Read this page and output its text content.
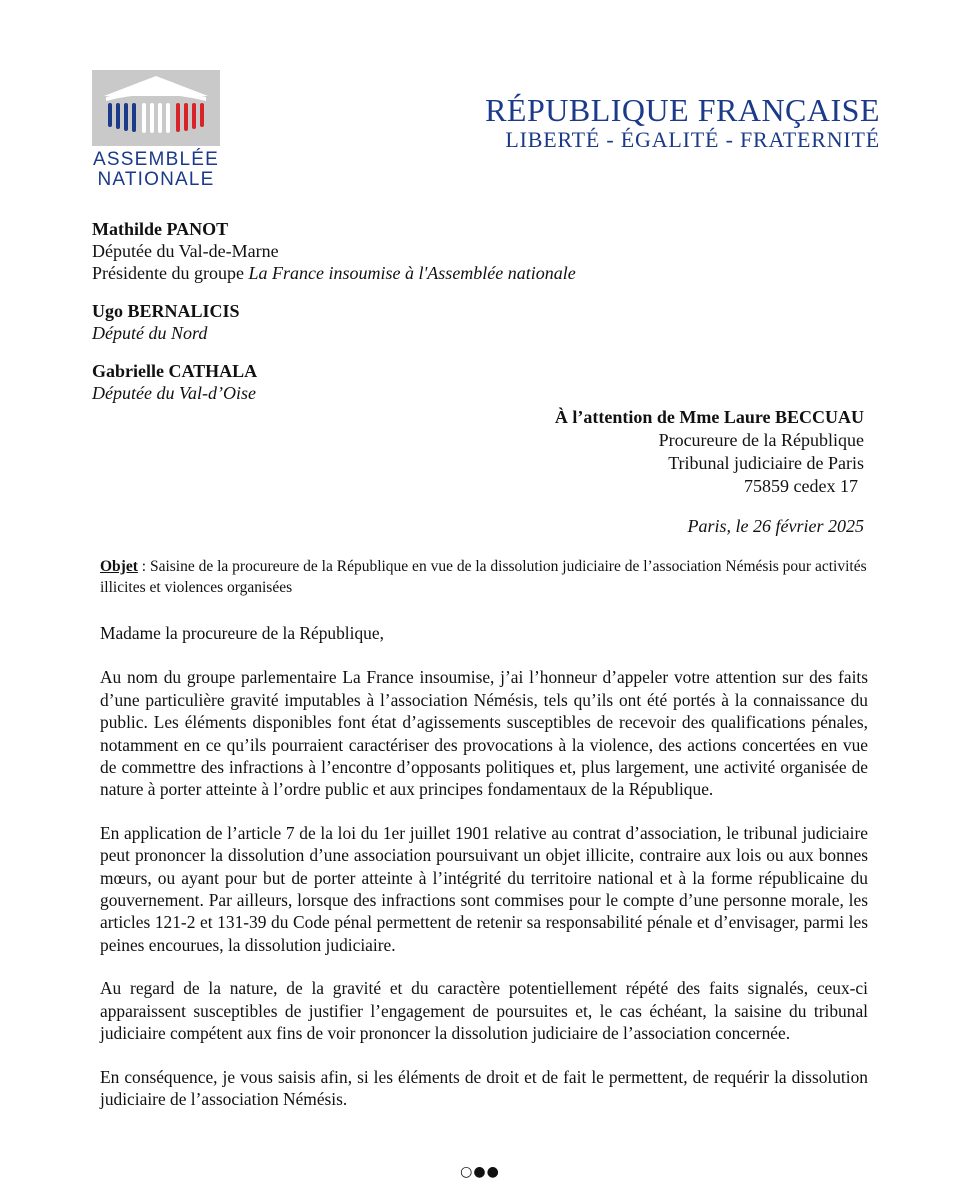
ASSEMBLÉE
NATIONALE
RÉPUBLIQUE FRANÇAISE
LIBERTÉ - ÉGALITÉ - FRATERNITÉ
Mathilde PANOT
Députée du Val-de-Marne
Présidente du groupe La France insoumise à l'Assemblée nationale
Ugo BERNALICIS
Député du Nord
Gabrielle CATHALA
Députée du Val-d’Oise
À l’attention de Mme Laure BECCUAU
Procureure de la République
Tribunal judiciaire de Paris
75859 cedex 17
Paris, le 26 février 2025
Objet : Saisine de la procureure de la République en vue de la dissolution judiciaire de l’association Némésis pour activités illicites et violences organisées

Madame la procureure de la République,

Au nom du groupe parlementaire La France insoumise, j’ai l’honneur d’appeler votre attention sur des faits d’une particulière gravité imputables à l’association Némésis, tels qu’ils ont été portés à la connaissance du public. Les éléments disponibles font état d’agissements susceptibles de recevoir des qualifications pénales, notamment en ce qu’ils pourraient caractériser des provocations à la violence, des actions concertées en vue de commettre des infractions à l’encontre d’opposants politiques et, plus largement, une activité organisée de nature à porter atteinte à l’ordre public et aux principes fondamentaux de la République.

En application de l’article 7 de la loi du 1er juillet 1901 relative au contrat d’association, le tribunal judiciaire peut prononcer la dissolution d’une association poursuivant un objet illicite, contraire aux lois ou aux bonnes mœurs, ou ayant pour but de porter atteinte à l’intégrité du territoire national et à la forme républicaine du gouvernement. Par ailleurs, lorsque des infractions sont commises pour le compte d’une personne morale, les articles 121-2 et 131-39 du Code pénal permettent de retenir sa responsabilité pénale et d’envisager, parmi les peines encourues, la dissolution judiciaire.

Au regard de la nature, de la gravité et du caractère potentiellement répété des faits signalés, ceux-ci apparaissent susceptibles de justifier l’engagement de poursuites et, le cas échéant, la saisine du tribunal judiciaire compétent aux fins de voir prononcer la dissolution judiciaire de l’association concernée.

En conséquence, je vous saisis afin, si les éléments de droit et de fait le permettent, de requérir la dissolution judiciaire de l’association Némésis.

○●●
